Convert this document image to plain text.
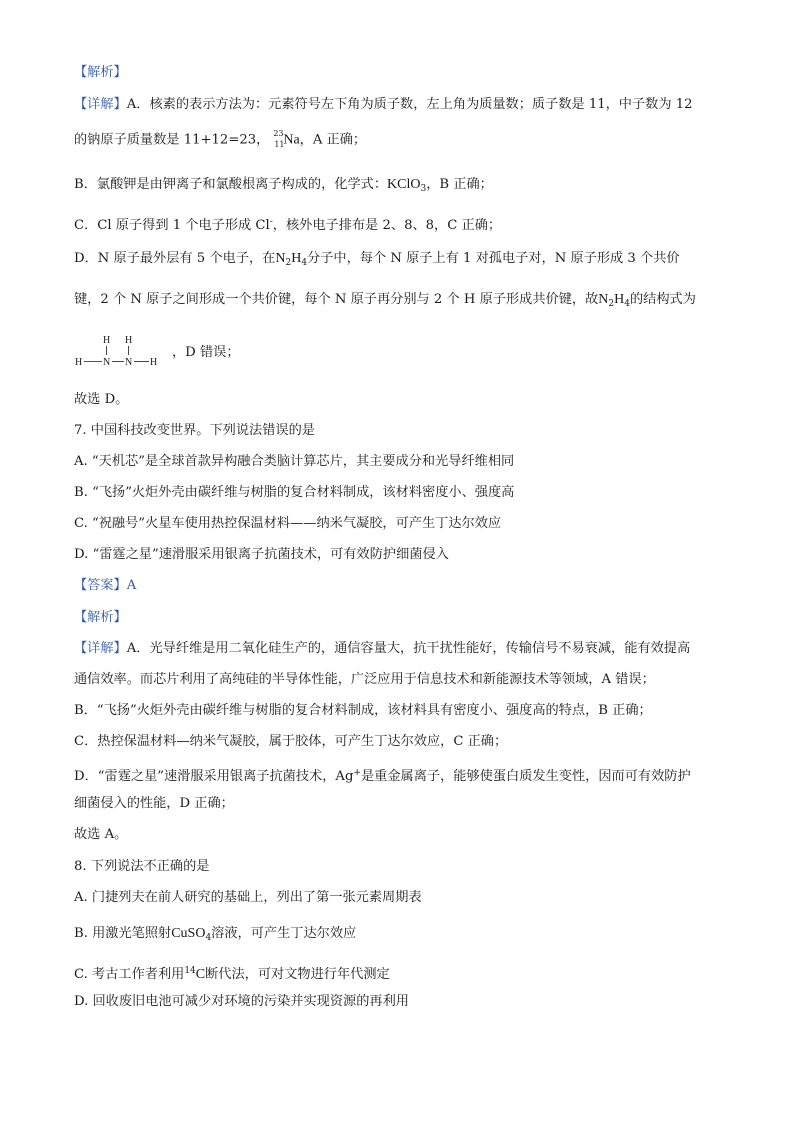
【解析】
【详解】A．核素的表示方法为：元素符号左下角为质子数，左上角为质量数；质子数是 11，中子数为 12
的钠原子质量数是 11+12=23， 23
11
Na，A 正确；
B．氯酸钾是由钾离子和氯酸根离子构成的，化学式：KClO$_3$，B 正确；
C．Cl 原子得到 1 个电子形成 Cl-，核外电子排布是 2、8、8，C 正确；
D．N 原子最外层有 5 个电子，在$N_2H_4$分子中，每个 N 原子上有 1 对孤电子对，N 原子形成 3 个共价
键，2 个 N 原子之间形成一个共价键，每个 N 原子再分别与 2 个 H 原子形成共价键，故$N_2H_4$的结构式为
H H
H N N H
，D 错误；
故选 D。
7. 中国科技改变世界。下列说法错误的是
A. “天机芯”是全球首款异构融合类脑计算芯片，其主要成分和光导纤维相同
B. “飞扬”火炬外壳由碳纤维与树脂的复合材料制成，该材料密度小、强度高
C. “祝融号”火星车使用热控保温材料——纳米气凝胶，可产生丁达尔效应
D. “雷霆之星”速滑服采用银离子抗菌技术，可有效防护细菌侵入
【答案】A
【解析】
【详解】A．光导纤维是用二氧化硅生产的，通信容量大，抗干扰性能好，传输信号不易衰减，能有效提高
通信效率。而芯片利用了高纯硅的半导体性能，广泛应用于信息技术和新能源技术等领域，A 错误；
B．“飞扬”火炬外壳由碳纤维与树脂的复合材料制成，该材料具有密度小、强度高的特点，B 正确；
C．热控保温材料—纳米气凝胶，属于胶体，可产生丁达尔效应，C 正确；
D．“雷霆之星”速滑服采用银离子抗菌技术，Ag+是重金属离子，能够使蛋白质发生变性，因而可有效防护
细菌侵入的性能，D 正确；
故选 A。
8. 下列说法不正确的是
A. 门捷列夫在前人研究的基础上，列出了第一张元素周期表
B. 用激光笔照射CuSO$_4$溶液，可产生丁达尔效应
C. 考古工作者利用$^{14}$C断代法，可对文物进行年代测定
D. 回收废旧电池可减少对环境的污染并实现资源的再利用
